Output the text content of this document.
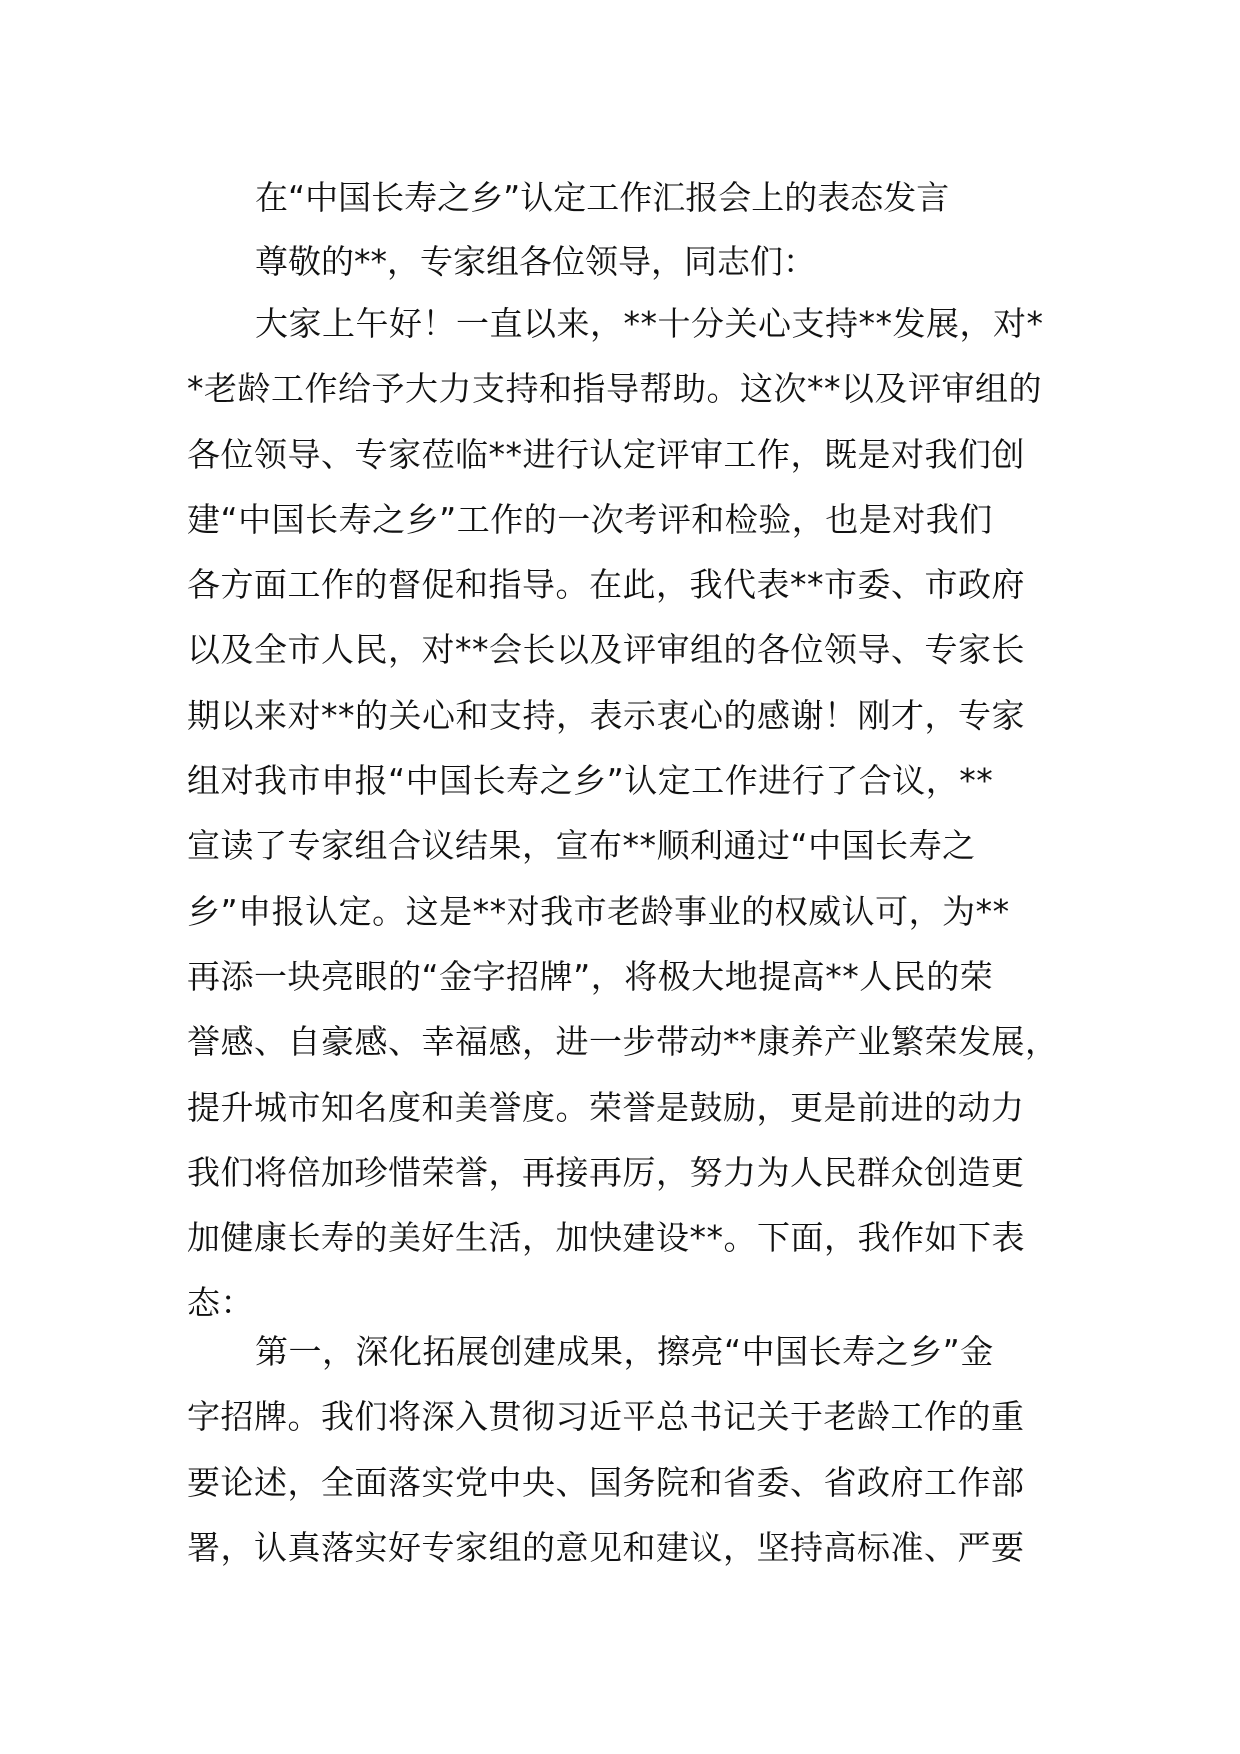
在“中国长寿之乡”认定工作汇报会上的表态发言

尊敬的**，专家组各位领导，同志们：

大家上午好！一直以来，**十分关心支持**发展，对*
*老龄工作给予大力支持和指导帮助。这次**以及评审组的
各位领导、专家莅临**进行认定评审工作，既是对我们创
建“中国长寿之乡”工作的一次考评和检验，也是对我们
各方面工作的督促和指导。在此，我代表**市委、市政府
以及全市人民，对**会长以及评审组的各位领导、专家长
期以来对**的关心和支持，表示衷心的感谢！刚才，专家
组对我市申报“中国长寿之乡”认定工作进行了合议，**
宣读了专家组合议结果，宣布**顺利通过“中国长寿之
乡”申报认定。这是**对我市老龄事业的权威认可，为**
再添一块亮眼的“金字招牌”，将极大地提高**人民的荣
誉感、自豪感、幸福感，进一步带动**康养产业繁荣发展，
提升城市知名度和美誉度。荣誉是鼓励，更是前进的动力
我们将倍加珍惜荣誉，再接再厉，努力为人民群众创造更
加健康长寿的美好生活，加快建设**。下面，我作如下表
态：
第一，深化拓展创建成果，擦亮“中国长寿之乡”金
字招牌。我们将深入贯彻习近平总书记关于老龄工作的重
要论述，全面落实党中央、国务院和省委、省政府工作部
署，认真落实好专家组的意见和建议，坚持高标准、严要
